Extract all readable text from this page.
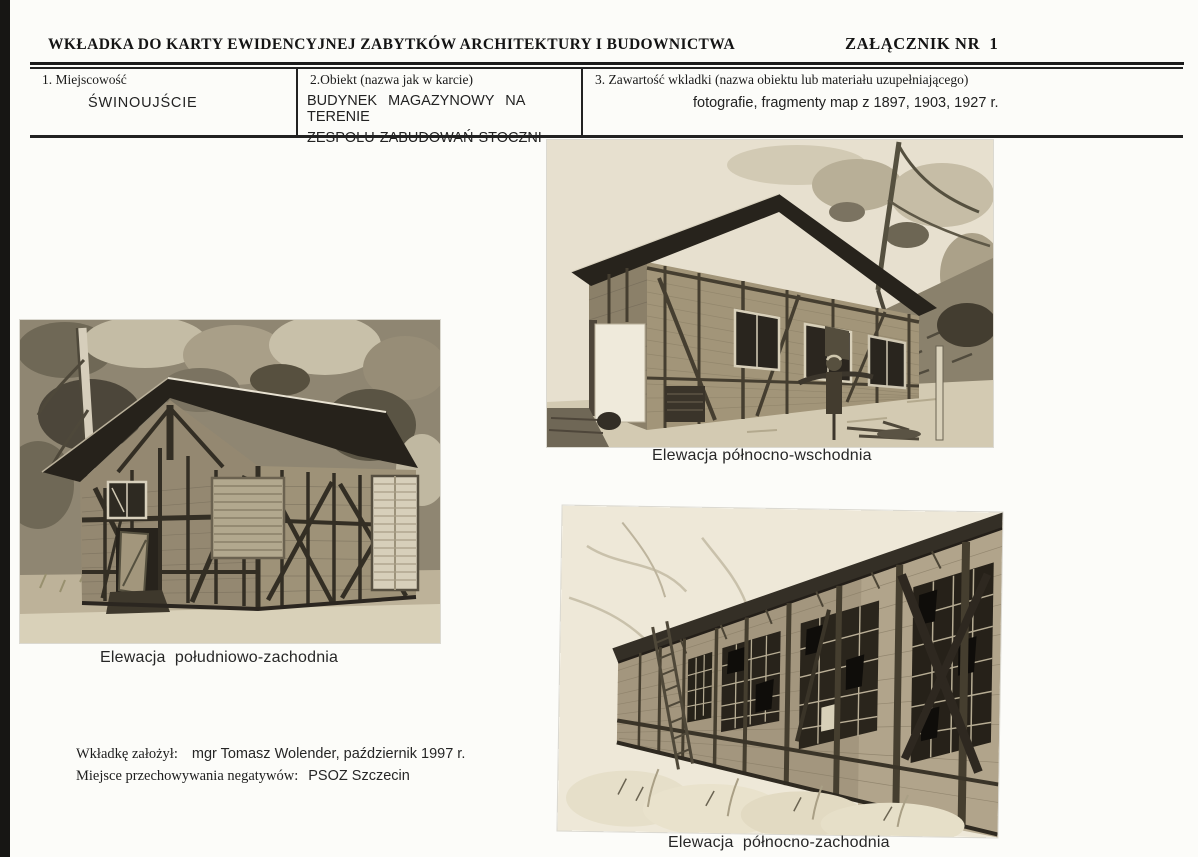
WKŁADKA DO KARTY EWIDENCYJNEJ ZABYTKÓW ARCHITEKTURY I BUDOWNICTWA	ZAŁĄCZNIK NR  1
1. Miejscowość
ŚWINOUJŚCIE
2.Obiekt (nazwa jak w karcie)
BUDYNEK MAGAZYNOWY NA TERENIE
ZESPOŁU ZABUDOWAŃ STOCZNI
3. Zawartość wkladki (nazwa obiektu lub materiału uzupełniającego)
fotografie, fragmenty map z 1897, 1903, 1927 r.
Elewacja północno-wschodnia
Elewacja  południowo-zachodnia
Elewacja  północno-zachodnia
Wkładkę założył: mgr Tomasz Wolender, październik 1997 r.
Miejsce przechowywania negatywów: PSOZ Szczecin
